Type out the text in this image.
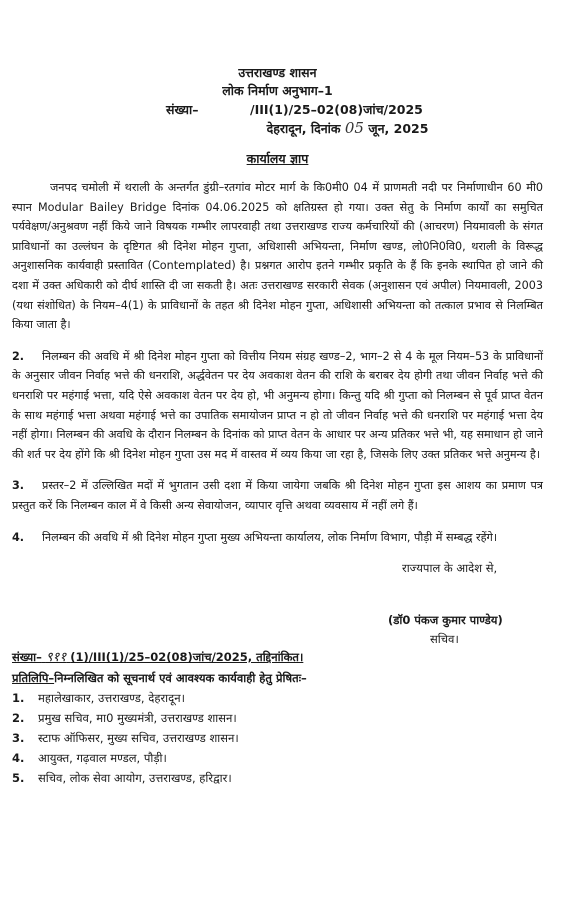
उत्तराखण्ड शासन
लोक निर्माण अनुभाग–1
संख्या–	/III(1)/25–02(08)जांच/2025
देहरादून, दिनांक 05 जून, 2025
कार्यालय ज्ञाप

जनपद चमोली में थराली के अन्तर्गत डुंग्री–रतगांव मोटर मार्ग के कि0मी0 04 में प्राणमती नदी पर निर्माणाधीन 60 मी0 स्पान Modular Bailey Bridge दिनांक 04.06.2025 को क्षतिग्रस्त हो गया। उक्त सेतु के निर्माण कार्यों का समुचित पर्यवेक्षण/अनुश्रवण नहीं किये जाने विषयक गम्भीर लापरवाही तथा उत्तराखण्ड राज्य कर्मचारियों की (आचरण) नियमावली के संगत प्राविधानों का उल्लंघन के दृष्टिगत श्री दिनेश मोहन गुप्ता, अधिशासी अभियन्ता, निर्माण खण्ड, लो0नि0वि0, थराली के विरूद्ध अनुशासनिक कार्यवाही प्रस्तावित (Contemplated) है। प्रश्नगत आरोप इतने गम्भीर प्रकृति के हैं कि इनके स्थापित हो जाने की दशा में उक्त अधिकारी को दीर्घ शास्ति दी जा सकती है। अतः उत्तराखण्ड सरकारी सेवक (अनुशासन एवं अपील) नियमावली, 2003 (यथा संशोधित) के नियम–4(1) के प्राविधानों के तहत श्री दिनेश मोहन गुप्ता, अधिशासी अभियन्ता को तत्काल प्रभाव से निलम्बित किया जाता है।

2. निलम्बन की अवधि में श्री दिनेश मोहन गुप्ता को वित्तीय नियम संग्रह खण्ड–2, भाग–2 से 4 के मूल नियम–53 के प्राविधानों के अनुसार जीवन निर्वाह भत्ते की धनराशि, अर्द्धवेतन पर देय अवकाश वेतन की राशि के बराबर देय होगी तथा जीवन निर्वाह भत्ते की धनराशि पर महंगाई भत्ता, यदि ऐसे अवकाश वेतन पर देय हो, भी अनुमन्य होगा। किन्तु यदि श्री गुप्ता को निलम्बन से पूर्व प्राप्त वेतन के साथ महंगाई भत्ता अथवा महंगाई भत्ते का उपातिक समायोजन प्राप्त न हो तो जीवन निर्वाह भत्ते की धनराशि पर महंगाई भत्ता देय नहीं होगा। निलम्बन की अवधि के दौरान निलम्बन के दिनांक को प्राप्त वेतन के आधार पर अन्य प्रतिकर भत्ते भी, यह समाधान हो जाने की शर्त पर देय होंगे कि श्री दिनेश मोहन गुप्ता उस मद में वास्तव में व्यय किया जा रहा है, जिसके लिए उक्त प्रतिकर भत्ते अनुमन्य है।

3. प्रस्तर–2 में उल्लिखित मदों में भुगतान उसी दशा में किया जायेगा जबकि श्री दिनेश मोहन गुप्ता इस आशय का प्रमाण पत्र प्रस्तुत करें कि निलम्बन काल में वे किसी अन्य सेवायोजन, व्यापार वृत्ति अथवा व्यवसाय में नहीं लगे हैं।

4. निलम्बन की अवधि में श्री दिनेश मोहन गुप्ता मुख्य अभियन्ता कार्यालय, लोक निर्माण विभाग, पौड़ी में सम्बद्ध रहेंगे।

राज्यपाल के आदेश से,
(डॉ0 पंकज कुमार पाण्डेय)
सचिव।
संख्या– ९११ (1)/III(1)/25–02(08)जांच/2025, तद्दिनांकित।
प्रतिलिपि–निम्नलिखित को सूचनार्थ एवं आवश्यक कार्यवाही हेतु प्रेषितः–
1.	महालेखाकार, उत्तराखण्ड, देहरादून।
2.	प्रमुख सचिव, मा0 मुख्यमंत्री, उत्तराखण्ड शासन।
3.	स्टाफ ऑफिसर, मुख्य सचिव, उत्तराखण्ड शासन।
4.	आयुक्त, गढ़वाल मण्डल, पौड़ी।
5.	सचिव, लोक सेवा आयोग, उत्तराखण्ड, हरिद्वार।
